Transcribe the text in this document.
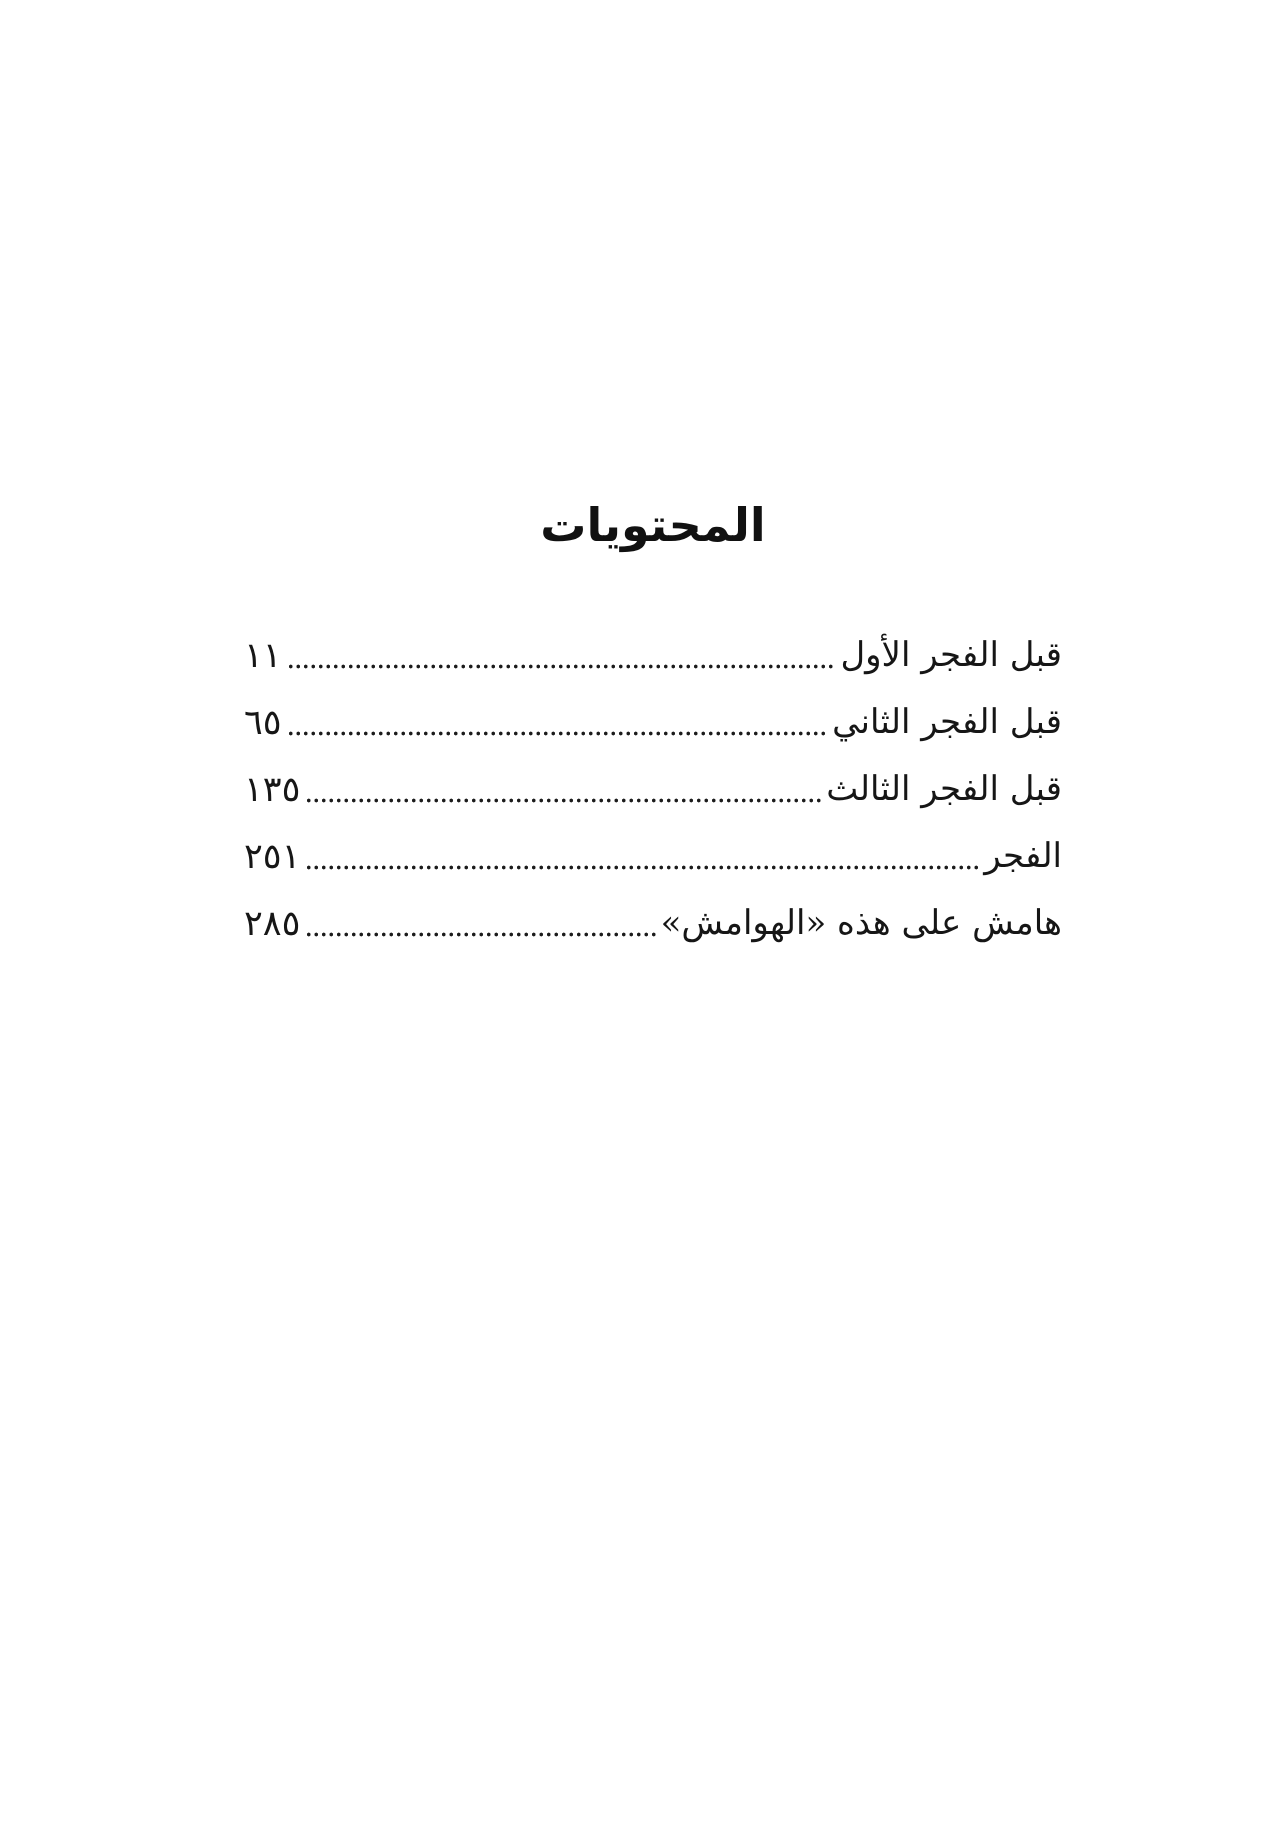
المحتويات
قبل الفجر الأول
١١
قبل الفجر الثاني
٦٥
قبل الفجر الثالث
١٣٥
الفجر
٢٥١
هامش على هذه «الهوامش»
٢٨٥
